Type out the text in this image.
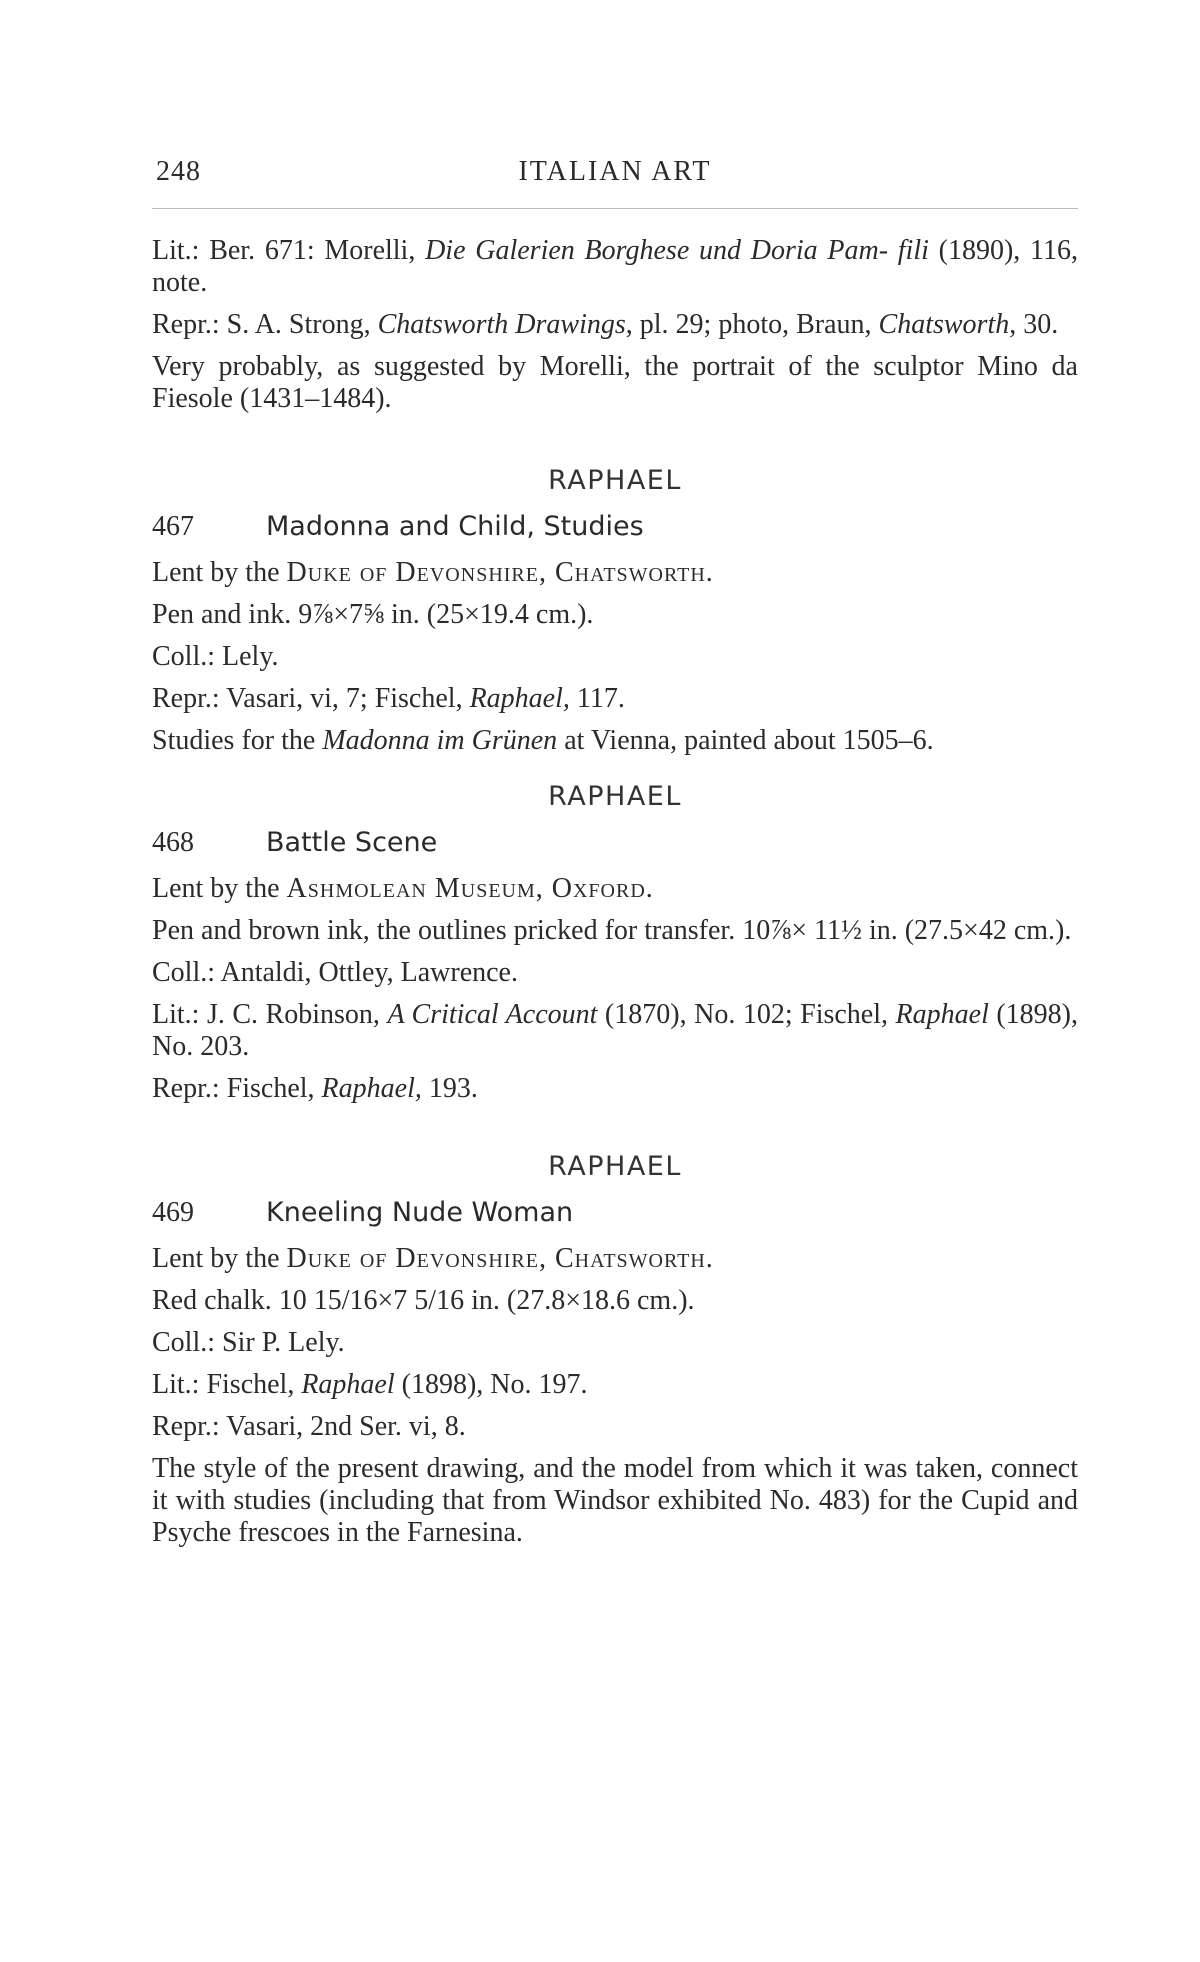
248	ITALIAN ART

Lit.: Ber. 671: Morelli, Die Galerien Borghese und Doria Pam- fili (1890), 116, note.

Repr.: S. A. Strong, Chatsworth Drawings, pl. 29; photo, Braun, Chatsworth, 30.

Very probably, as suggested by Morelli, the portrait of the sculptor Mino da Fiesole (1431–1484).

RAPHAEL

467	Madonna and Child, Studies

Lent by the Duke of Devonshire, Chatsworth.

Pen and ink. 9⅞×7⅝ in. (25×19.4 cm.).

Coll.: Lely.

Repr.: Vasari, vi, 7; Fischel, Raphael, 117.

Studies for the Madonna im Grünen at Vienna, painted about 1505–6.

RAPHAEL

468	Battle Scene

Lent by the Ashmolean Museum, Oxford.

Pen and brown ink, the outlines pricked for transfer. 10⅞× 11½ in. (27.5×42 cm.).

Coll.: Antaldi, Ottley, Lawrence.

Lit.: J. C. Robinson, A Critical Account (1870), No. 102; Fischel, Raphael (1898), No. 203.

Repr.: Fischel, Raphael, 193.

RAPHAEL

469	Kneeling Nude Woman

Lent by the Duke of Devonshire, Chatsworth.

Red chalk. 10 15/16×7 5/16 in. (27.8×18.6 cm.).

Coll.: Sir P. Lely.

Lit.: Fischel, Raphael (1898), No. 197.

Repr.: Vasari, 2nd Ser. vi, 8.

The style of the present drawing, and the model from which it was taken, connect it with studies (including that from Windsor exhibited No. 483) for the Cupid and Psyche frescoes in the Farnesina.
